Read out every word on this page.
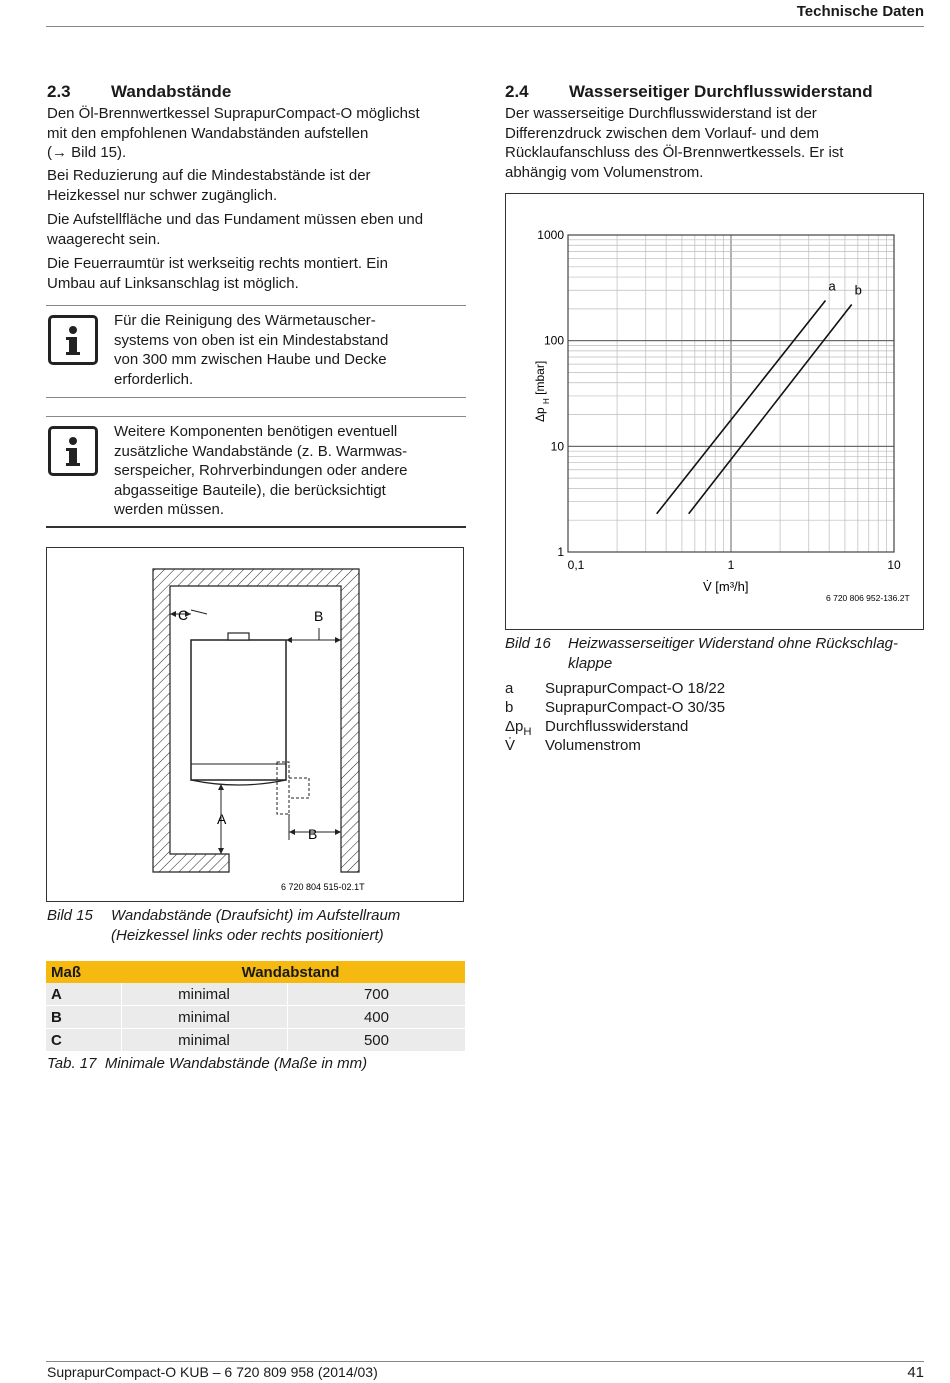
Technische Daten
2.3 Wandabstände
Den Öl-Brennwertkessel SuprapurCompact-O möglichst
mit den empfohlenen Wandabständen aufstellen
(→ Bild 15).
Bei Reduzierung auf die Mindestabstände ist der
Heizkessel nur schwer zugänglich.
Die Aufstellfläche und das Fundament müssen eben und
waagerecht sein.
Die Feuerraumtür ist werkseitig rechts montiert. Ein
Umbau auf Linksanschlag ist möglich.
Für die Reinigung des Wärmetauscher-
systems von oben ist ein Mindestabstand
von 300 mm zwischen Haube und Decke
erforderlich.
Weitere Komponenten benötigen eventuell
zusätzliche Wandabstände (z. B. Warmwas-
serspeicher, Rohrverbindungen oder andere
abgasseitige Bauteile), die berücksichtigt
werden müssen.
C	B
A
B
6 720 804 515-02.1T
Bild 15	Wandabstände (Draufsicht) im Aufstellraum
(Heizkessel links oder rechts positioniert)
Maß	Wandabstand	
A	minimal	700
B	minimal	400
C	minimal	500
Tab. 17 Minimale Wandabstände (Maße in mm)
2.4 Wasserseitiger Durchflusswiderstand
Der wasserseitige Durchflusswiderstand ist der
Differenzdruck zwischen dem Vorlauf- und dem
Rücklaufanschluss des Öl-Brennwertkessels. Er ist
abhängig vom Volumenstrom.
1
10
100
1000
0,1	1	10
a b
Δp $_H$ [mbar]
V̇ [m³/h]
6 720 806 952-136.2T
Bild 16	Heizwasserseitiger Widerstand ohne Rückschlag-
klappe
a	SuprapurCompact-O 18/22
b	SuprapurCompact-O 30/35
$\Delta p_H$ Durchflusswiderstand
V̇	Volumenstrom
SuprapurCompact-O KUB – 6 720 809 958 (2014/03)	41
